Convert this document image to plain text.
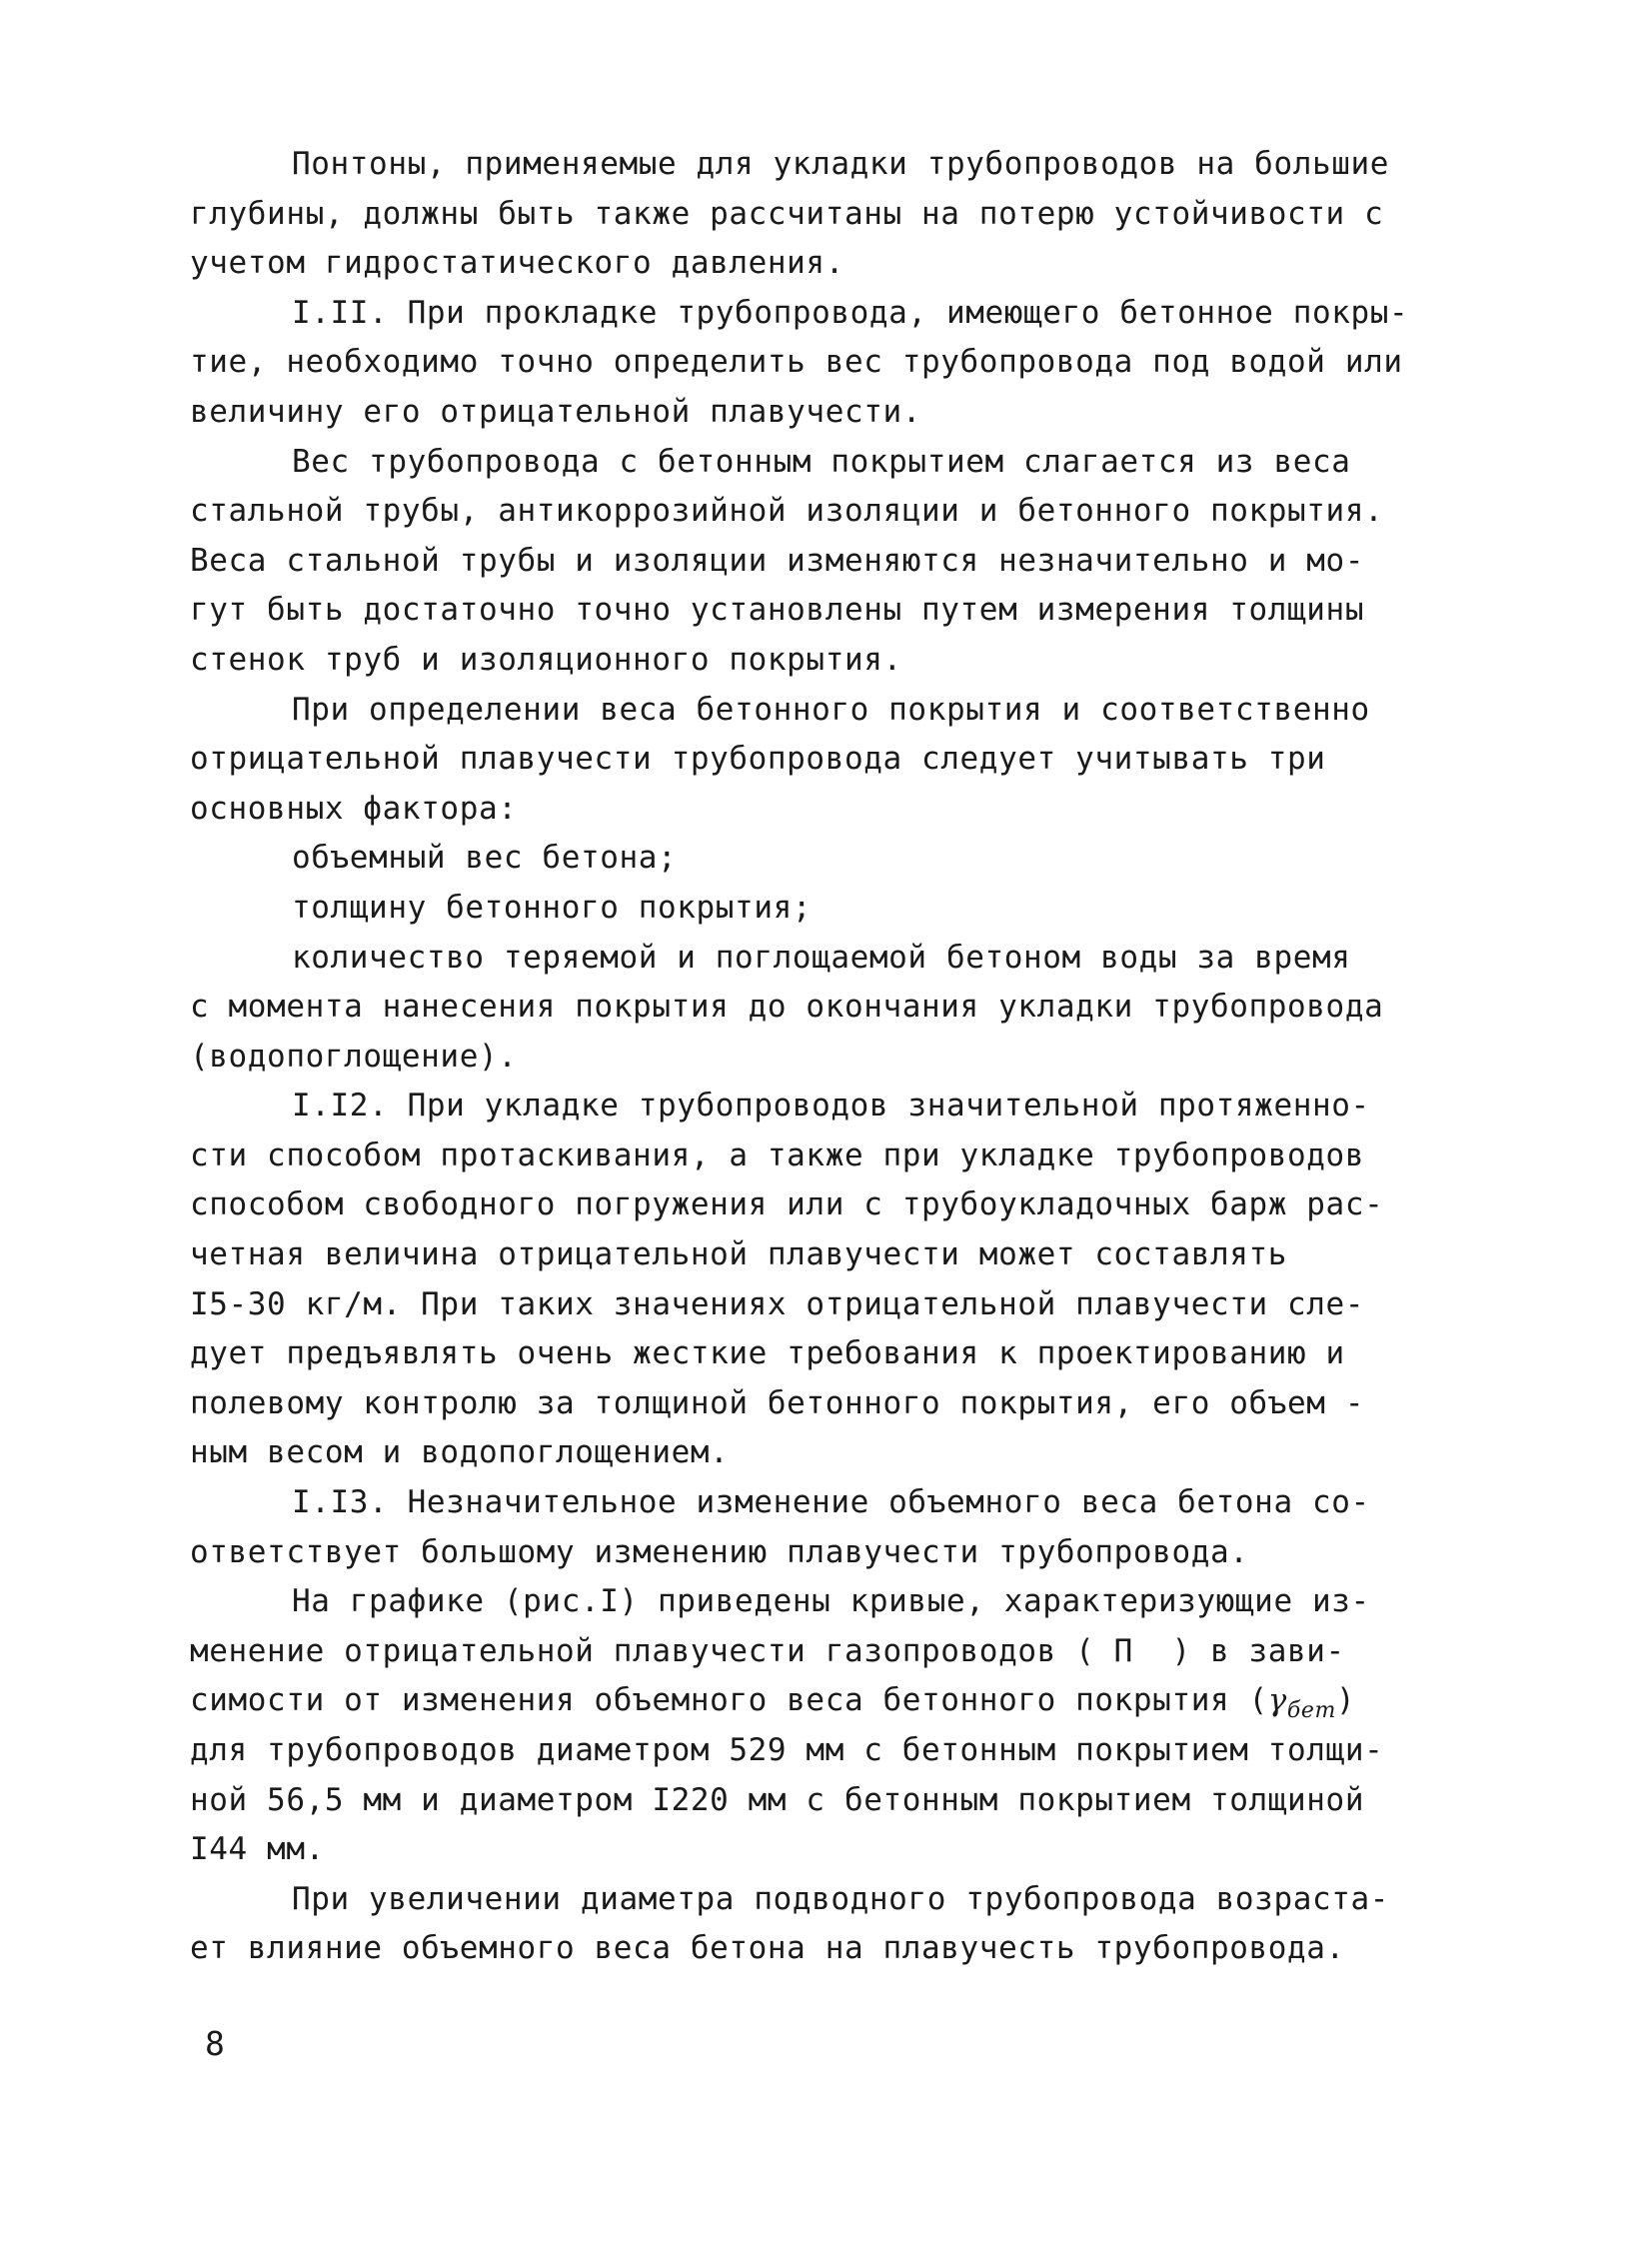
Понтоны, применяемые для укладки трубопроводов на большие
глубины, должны быть также рассчитаны на потерю устойчивости с
учетом гидростатического давления.
I.II. При прокладке трубопровода, имеющего бетонное покры-
тие, необходимо точно определить вес трубопровода под водой или
величину его отрицательной плавучести.
Вес трубопровода с бетонным покрытием слагается из веса
стальной трубы, антикоррозийной изоляции и бетонного покрытия.
Веса стальной трубы и изоляции изменяются незначительно и мо-
гут быть достаточно точно установлены путем измерения толщины
стенок труб и изоляционного покрытия.
При определении веса бетонного покрытия и соответственно
отрицательной плавучести трубопровода следует учитывать три
основных фактора:
объемный вес бетона;
толщину бетонного покрытия;
количество теряемой и поглощаемой бетоном воды за время
с момента нанесения покрытия до окончания укладки трубопровода
(водопоглощение).
I.I2. При укладке трубопроводов значительной протяженно-
сти способом протаскивания, а также при укладке трубопроводов
способом свободного погружения или с трубоукладочных барж рас-
четная величина отрицательной плавучести может составлять
I5-30 кг/м. При таких значениях отрицательной плавучести сле-
дует предъявлять очень жесткие требования к проектированию и
полевому контролю за толщиной бетонного покрытия, его объем -
ным весом и водопоглощением.
I.I3. Незначительное изменение объемного веса бетона со-
ответствует большому изменению плавучести трубопровода.
На графике (рис.I) приведены кривые, характеризующие из-
менение отрицательной плавучести газопроводов ( П  ) в зави-
симости от изменения объемного веса бетонного покрытия $(\gamma_{бет})$
для трубопроводов диаметром 529 мм с бетонным покрытием толщи-
ной 56,5 мм и диаметром I220 мм с бетонным покрытием толщиной
I44 мм.
При увеличении диаметра подводного трубопровода возраста-
ет влияние объемного веса бетона на плавучесть трубопровода.
8
